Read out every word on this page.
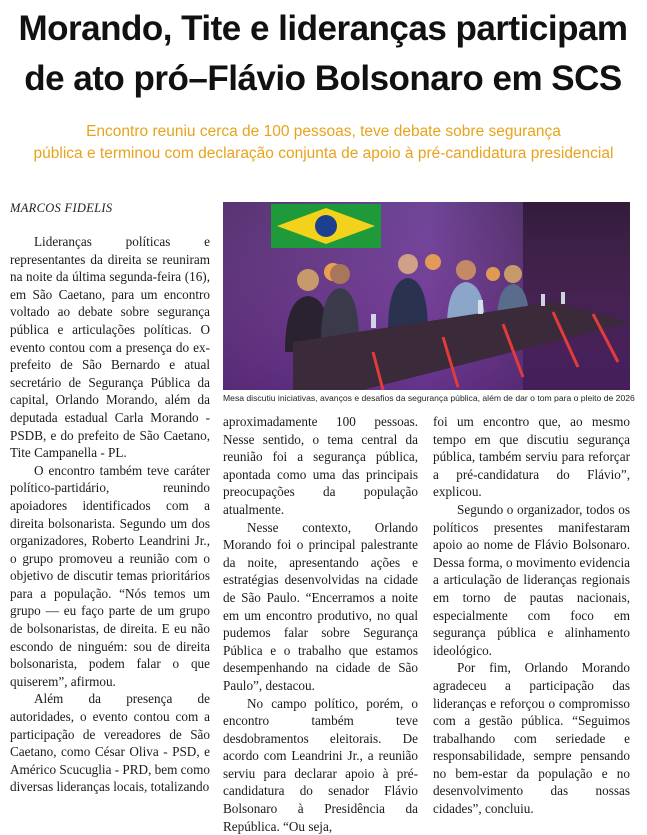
Morando, Tite e lideranças participam
de ato pró–Flávio Bolsonaro em SCS

Encontro reuniu cerca de 100 pessoas, teve debate sobre segurança
pública e terminou com declaração conjunta de apoio à pré-candidatura presidencial

MARCOS FIDELIS

Lideranças políticas e representantes da direita se reuniram na noite da última segunda-feira (16), em São Caetano, para um encontro voltado ao debate sobre segurança pública e articulações políticas. O evento contou com a presença do ex-prefeito de São Bernardo e atual secretário de Segurança Pública da capital, Orlando Morando, além da deputada estadual Carla Morando - PSDB, e do prefeito de São Caetano, Tite Campanella - PL.

O encontro também teve caráter político-partidário, reunindo apoiadores identificados com a direita bolsonarista. Segundo um dos organizadores, Roberto Leandrini Jr., o grupo promoveu a reunião com o objetivo de discutir temas prioritários para a população. “Nós temos um grupo — eu faço parte de um grupo de bolsonaristas, de direita. E eu não escondo de ninguém: sou de direita bolsonarista, podem falar o que quiserem”, afirmou.

Além da presença de autoridades, o evento contou com a participação de vereadores de São Caetano, como César Oliva - PSD, e Américo Scucuglia - PRD, bem como diversas lideranças locais, totalizando

Mesa discutiu iniciativas, avanços e desafios da segurança pública, além de dar o tom para o pleito de 2026

aproximadamente 100 pessoas. Nesse sentido, o tema central da reunião foi a segurança pública, apontada como uma das principais preocupações da população atualmente.

Nesse contexto, Orlando Morando foi o principal palestrante da noite, apresentando ações e estratégias desenvolvidas na cidade de São Paulo. “Encerramos a noite em um encontro produtivo, no qual pudemos falar sobre Segurança Pública e o trabalho que estamos desempenhando na cidade de São Paulo”, destacou.

No campo político, porém, o encontro também teve desdobramentos eleitorais. De acordo com Leandrini Jr., a reunião serviu para declarar apoio à pré-candidatura do senador Flávio Bolsonaro à Presidência da República. “Ou seja,

foi um encontro que, ao mesmo tempo em que discutiu segurança pública, também serviu para reforçar a pré-candidatura do Flávio”, explicou.

Segundo o organizador, todos os políticos presentes manifestaram apoio ao nome de Flávio Bolsonaro. Dessa forma, o movimento evidencia a articulação de lideranças regionais em torno de pautas nacionais, especialmente com foco em segurança pública e alinhamento ideológico.

Por fim, Orlando Morando agradeceu a participação das lideranças e reforçou o compromisso com a gestão pública. “Seguimos trabalhando com seriedade e responsabilidade, sempre pensando no bem-estar da população e no desenvolvimento das nossas cidades”, concluiu.
